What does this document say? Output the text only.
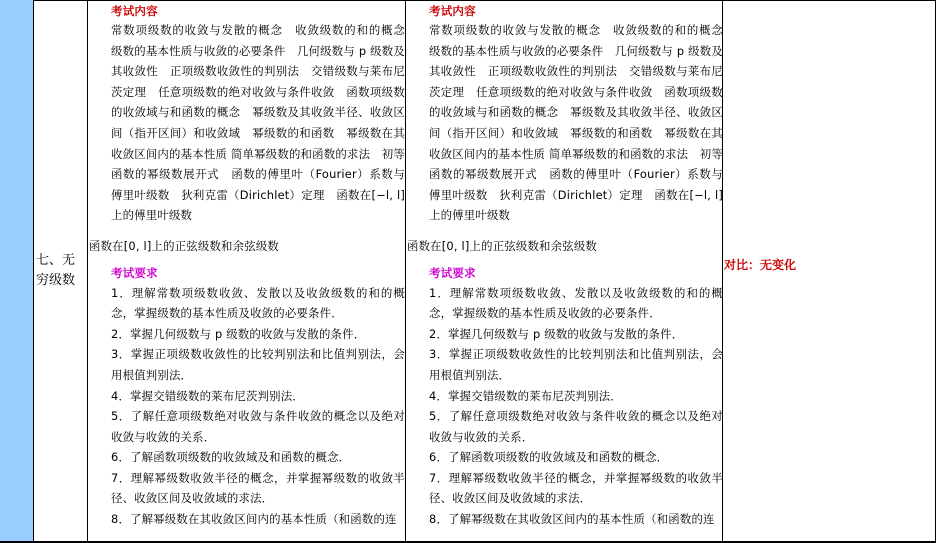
七、无穷级数
考试内容
常数项级数的收敛与发散的概念　收敛级数的和的概念　级数的基本性质与收敛的必要条件　几何级数与 p 级数及其收敛性　正项级数收敛性的判别法　交错级数与莱布尼茨定理　任意项级数的绝对收敛与条件收敛　函数项级数的收敛域与和函数的概念　幂级数及其收敛半径、收敛区间（指开区间）和收敛域　幂级数的和函数　幂级数在其收敛区间内的基本性质 简单幂级数的和函数的求法　初等函数的幂级数展开式　函数的傅里叶（Fourier）系数与傅里叶级数　狄利克雷（Dirichlet）定理　函数在[−l, l]上的傅里叶级数
函数在[0, l]上的正弦级数和余弦级数
考试要求
1．理解常数项级数收敛、发散以及收敛级数的和的概念，掌握级数的基本性质及收敛的必要条件．
2．掌握几何级数与 p 级数的收敛与发散的条件．
3．掌握正项级数收敛性的比较判别法和比值判别法，会用根值判别法．
4．掌握交错级数的莱布尼茨判别法．
5．了解任意项级数绝对收敛与条件收敛的概念以及绝对收敛与收敛的关系．
6．了解函数项级数的收敛域及和函数的概念．
7．理解幂级数收敛半径的概念，并掌握幂级数的收敛半径、收敛区间及收敛域的求法．
8．了解幂级数在其收敛区间内的基本性质（和函数的连
考试内容
常数项级数的收敛与发散的概念　收敛级数的和的概念　级数的基本性质与收敛的必要条件　几何级数与 p 级数及其收敛性　正项级数收敛性的判别法　交错级数与莱布尼茨定理　任意项级数的绝对收敛与条件收敛　函数项级数的收敛域与和函数的概念　幂级数及其收敛半径、收敛区间（指开区间）和收敛域　幂级数的和函数　幂级数在其收敛区间内的基本性质 简单幂级数的和函数的求法　初等函数的幂级数展开式　函数的傅里叶（Fourier）系数与傅里叶级数　狄利克雷（Dirichlet）定理　函数在[−l, l]上的傅里叶级数
函数在[0, l]上的正弦级数和余弦级数
考试要求
1．理解常数项级数收敛、发散以及收敛级数的和的概念，掌握级数的基本性质及收敛的必要条件．
2．掌握几何级数与 p 级数的收敛与发散的条件．
3．掌握正项级数收敛性的比较判别法和比值判别法，会用根值判别法．
4．掌握交错级数的莱布尼茨判别法．
5．了解任意项级数绝对收敛与条件收敛的概念以及绝对收敛与收敛的关系．
6．了解函数项级数的收敛域及和函数的概念．
7．理解幂级数收敛半径的概念，并掌握幂级数的收敛半径、收敛区间及收敛域的求法．
8．了解幂级数在其收敛区间内的基本性质（和函数的连
对比：无变化
